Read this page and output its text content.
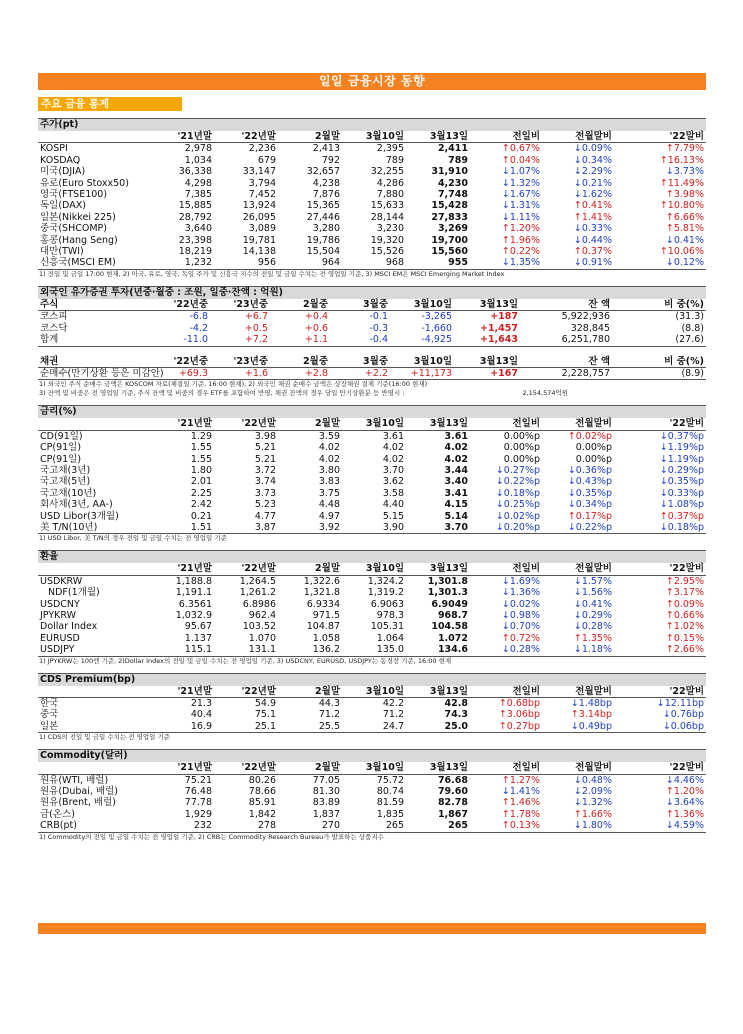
일일 금융시장 동향
주요 금융 통계
주가(pt)
	'21년말	'22년말	2월말	3월10일	3월13일	전일비	전월말비	'22말비
KOSPI	2,978	2,236	2,413	2,395	2,411	↑0.67%	↓0.09%	↑7.79%
KOSDAQ	1,034	679	792	789	789	↑0.04%	↓0.34%	↑16.13%
미국(DJIA)	36,338	33,147	32,657	32,255	31,910	↓1.07%	↓2.29%	↓3.73%
유로(Euro Stoxx50)	4,298	3,794	4,238	4,286	4,230	↓1.32%	↓0.21%	↑11.49%
영국(FTSE100)	7,385	7,452	7,876	7,880	7,748	↓1.67%	↓1.62%	↑3.98%
독일(DAX)	15,885	13,924	15,365	15,633	15,428	↓1.31%	↑0.41%	↑10.80%
일본(Nikkei 225)	28,792	26,095	27,446	28,144	27,833	↓1.11%	↑1.41%	↑6.66%
중국(SHCOMP)	3,640	3,089	3,280	3,230	3,269	↑1.20%	↓0.33%	↑5.81%
홍콩(Hang Seng)	23,398	19,781	19,786	19,320	19,700	↑1.96%	↓0.44%	↓0.41%
대만(TWI)	18,219	14,138	15,504	15,526	15,560	↑0.22%	↑0.37%	↑10.06%
신흥국(MSCI EM)	1,232	956	964	968	955	↓1.35%	↓0.91%	↓0.12%
1) 전일 및 금일 17:00 현재, 2) 미국, 유로, 영국, 독일 주가 및 신흥국 지수의 전일 및 금일 수치는 전 영업일 기준, 3) MSCI EM은 MSCI Emerging Market Index
외국인 유가증권 투자(년중·월중 : 조원, 일중·잔액 : 억원)
주식	'22년중	'23년중	2월중	3월중	3월10일	3월13일	잔 액	비 중(%)
코스피	-6.8	+6.7	+0.4	-0.1	-3,265	+187	5,922,936	(31.3)
코스닥	-4.2	+0.5	+0.6	-0.3	-1,660	+1,457	328,845	(8.8)
합계	-11.0	+7.2	+1.1	-0.4	-4,925	+1,643	6,251,780	(27.6)
채권	'22년중	'23년중	2월중	3월중	3월10일	3월13일	잔 액	비 중(%)
순매수(만기상환 등은 미감안)	+69.3	+1.6	+2.8	+2.2	+11,173	+167	2,228,757	(8.9)
1) 외국인 주식 순매수 금액은 KOSCOM 자료(체결일 기준, 16:00 현재), 2) 외국인 채권 순매수 금액은 상장채권 결제 기준(16:00 현재)
3) 잔액 및 비중은 전 영업일 기준, 주식 잔액 및 비중의 경우 ETF를 포함하여 반영, 채권 잔액의 경우 당일 만기상환분 등 반영시 :	2,154,574억원
금리(%)
	'21년말	'22년말	2월말	3월10일	3월13일	전일비	전월말비	'22말비
CD(91일)	1.29	3.98	3.59	3.61	3.61	0.00%p	↑0.02%p	↓0.37%p
CP(91일)	1.55	5.21	4.02	4.02	4.02	0.00%p	0.00%p	↓1.19%p
CP(91일)	1.55	5.21	4.02	4.02	4.02	0.00%p	0.00%p	↓1.19%p
국고채(3년)	1.80	3.72	3.80	3.70	3.44	↓0.27%p	↓0.36%p	↓0.29%p
국고채(5년)	2.01	3.74	3.83	3.62	3.40	↓0.22%p	↓0.43%p	↓0.35%p
국고채(10년)	2.25	3.73	3.75	3.58	3.41	↓0.18%p	↓0.35%p	↓0.33%p
회사채(3년, AA-)	2.42	5.23	4.48	4.40	4.15	↓0.25%p	↓0.34%p	↓1.08%p
USD Libor(3개월)	0.21	4.77	4.97	5.15	5.14	↓0.02%p	↑0.17%p	↑0.37%p
美 T/N(10년)	1.51	3.87	3.92	3.90	3.70	↓0.20%p	↓0.22%p	↓0.18%p
1) USD Libor, 美 T/N의 경우 전일 및 금일 수치는 전 영업일 기준
환율
	'21년말	'22년말	2월말	3월10일	3월13일	전일비	전월말비	'22말비
USDKRW	1,188.8	1,264.5	1,322.6	1,324.2	1,301.8	↓1.69%	↓1.57%	↑2.95%
NDF(1개월)	1,191.1	1,261.2	1,321.8	1,319.2	1,301.3	↓1.36%	↓1.56%	↑3.17%
USDCNY	6.3561	6.8986	6.9334	6.9063	6.9049	↓0.02%	↓0.41%	↑0.09%
JPYKRW	1,032.9	962.4	971.5	978.3	968.7	↓0.98%	↓0.29%	↑0.66%
Dollar Index	95.67	103.52	104.87	105.31	104.58	↓0.70%	↓0.28%	↑1.02%
EURUSD	1.137	1.070	1.058	1.064	1.072	↑0.72%	↑1.35%	↑0.15%
USDJPY	115.1	131.1	136.2	135.0	134.6	↓0.28%	↓1.18%	↑2.66%
1) JPYKRW는 100엔 기준, 2)Dollar Index의 전일 및 금일 수치는 전 영업일 기준, 3) USDCNY, EURUSD, USDJPY는 동경장 기준, 16:00 현재
CDS Premium(bp)
	'21년말	'22년말	2월말	3월10일	3월13일	전일비	전월말비	'22말비
한국	21.3	54.9	44.3	42.2	42.8	↑0.68bp	↓1.48bp	↓12.11bp
중국	40.4	75.1	71.2	71.2	74.3	↑3.06bp	↑3.14bp	↓0.76bp
일본	16.9	25.1	25.5	24.7	25.0	↑0.27bp	↓0.49bp	↓0.06bp
1) CDS의 전일 및 금일 수치는 전 영업일 기준
Commodity(달러)
	'21년말	'22년말	2월말	3월10일	3월13일	전일비	전월말비	'22말비
원유(WTI, 배럴)	75.21	80.26	77.05	75.72	76.68	↑1.27%	↓0.48%	↓4.46%
원유(Dubai, 배럴)	76.48	78.66	81.30	80.74	79.60	↓1.41%	↓2.09%	↑1.20%
원유(Brent, 배럴)	77.78	85.91	83.89	81.59	82.78	↑1.46%	↓1.32%	↓3.64%
금(온스)	1,929	1,842	1,837	1,835	1,867	↑1.78%	↑1.66%	↑1.36%
CRB(pt)	232	278	270	265	265	↑0.13%	↓1.80%	↓4.59%
1) Commodity의 전일 및 금일 수치는 전 영업일 기준, 2) CRB는 Commodity Research Bureau가 발표하는 상품지수
